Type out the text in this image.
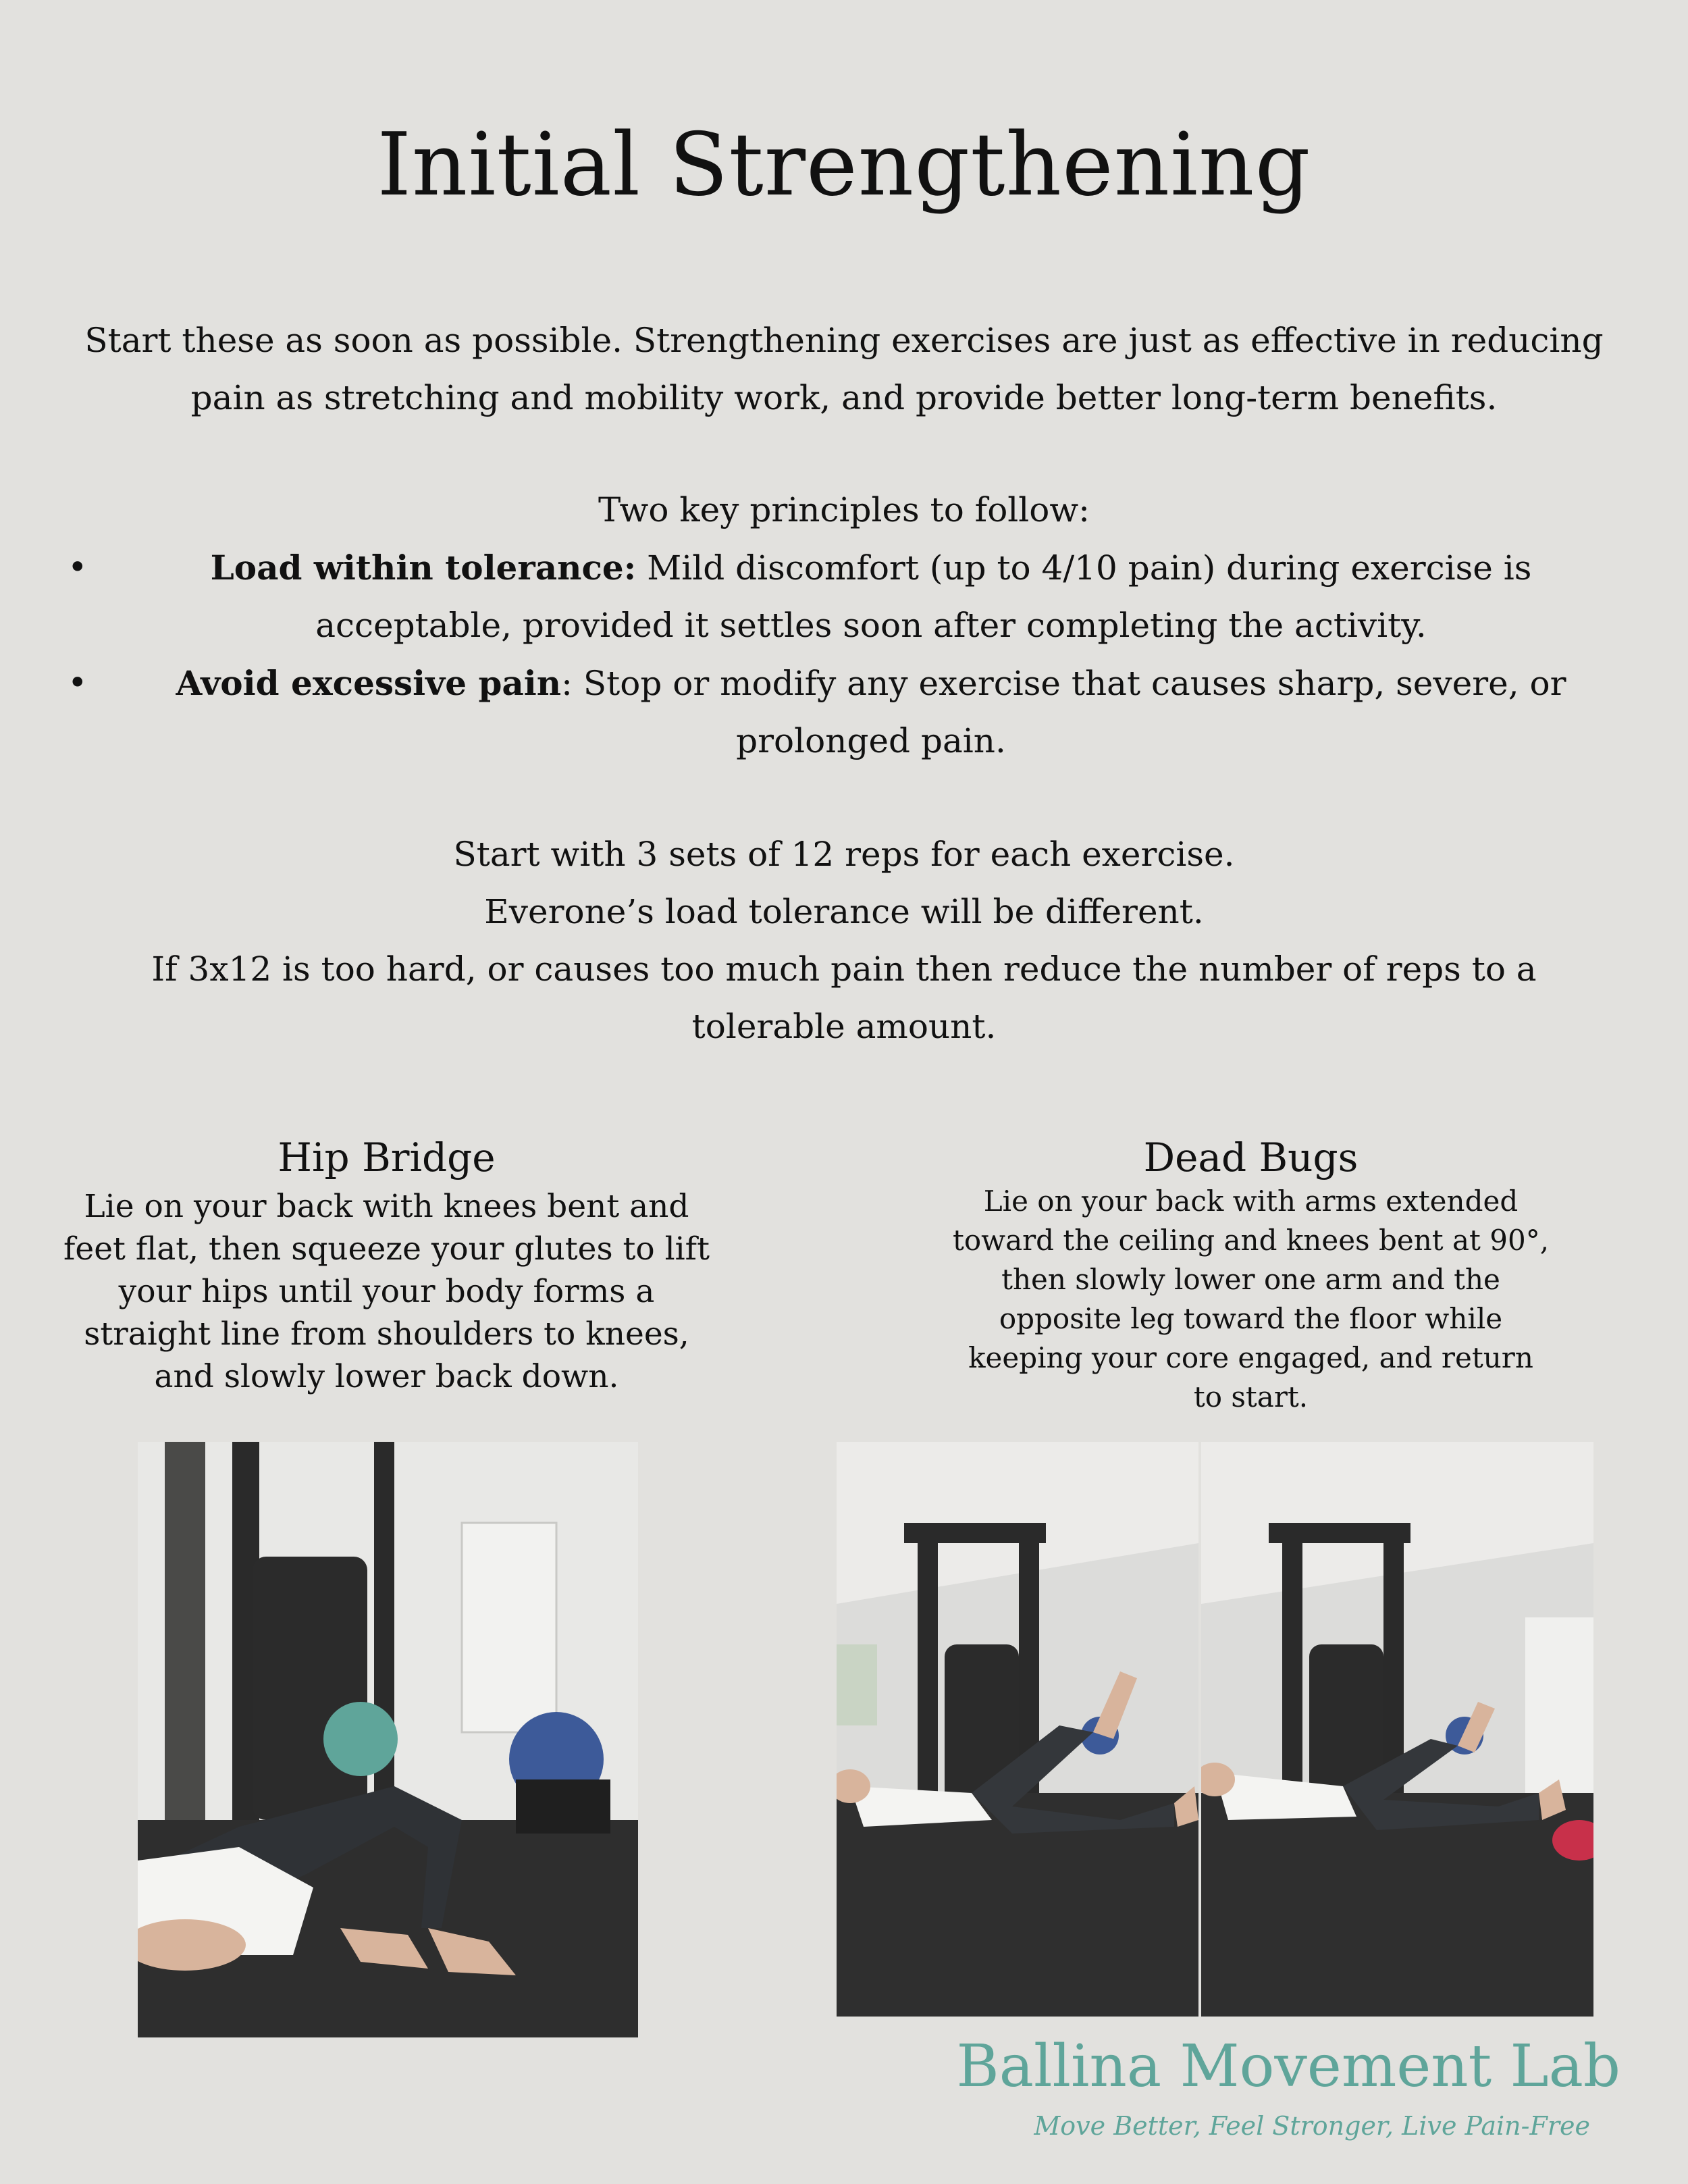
Initial Strengthening
Start these as soon as possible. Strengthening exercises are just as effective in reducing pain as stretching and mobility work, and provide better long-term benefits.
Two key principles to follow:
•	Load within tolerance: Mild discomfort (up to 4/10 pain) during exercise is acceptable, provided it settles soon after completing the activity.
•	Avoid excessive pain: Stop or modify any exercise that causes sharp, severe, or prolonged pain.
Start with 3 sets of 12 reps for each exercise.
Everone’s load tolerance will be different.
If 3x12 is too hard, or causes too much pain then reduce the number of reps to a tolerable amount.
Hip Bridge
Lie on your back with knees bent and feet flat, then squeeze your glutes to lift your hips until your body forms a straight line from shoulders to knees, and slowly lower back down.
Dead Bugs
Lie on your back with arms extended toward the ceiling and knees bent at 90°, then slowly lower one arm and the opposite leg toward the floor while keeping your core engaged, and return to start.
Ballina Movement Lab
Move Better, Feel Stronger, Live Pain-Free
